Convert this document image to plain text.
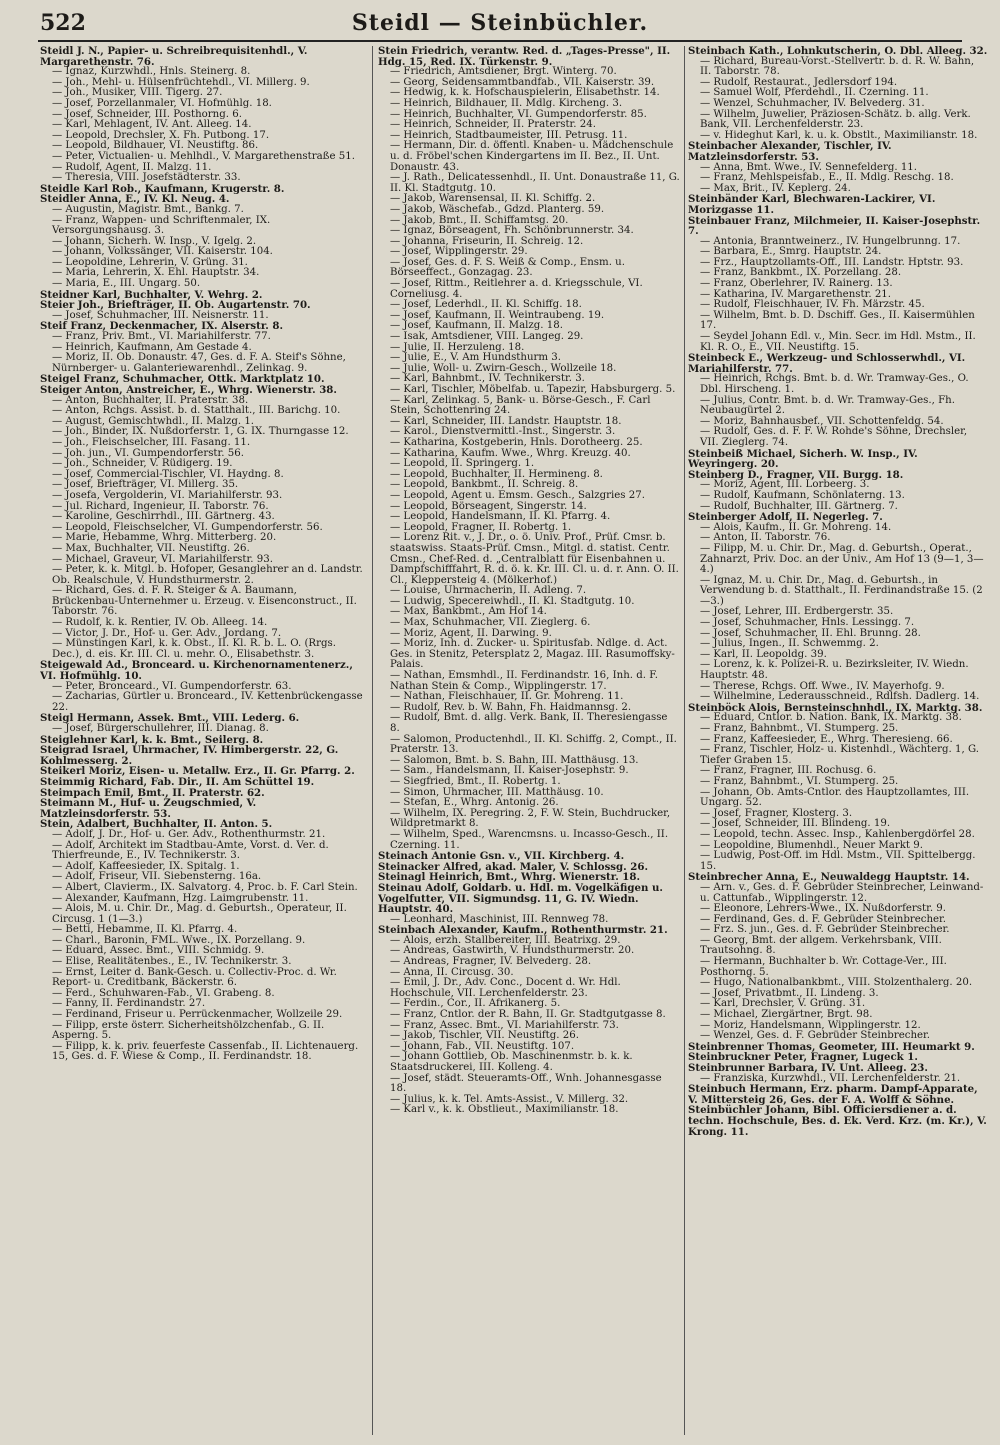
522	Steidl — Steinbüchler.

Steidl J. N., Papier- u. Schreibrequisitenhdl., V. Margarethenstr. 76.

— Ignaz, Kurzwhdl., Hnls. Steinerg. 8.

— Joh., Mehl- u. Hülsenfrüchtehdl., VI. Millerg. 9.

— Joh., Musiker, VIII. Tigerg. 27.

— Josef, Porzellanmaler, VI. Hofmühlg. 18.

— Josef, Schneider, III. Posthorng. 6.

— Karl, Mehlagent, IV. Ant. Alleeg. 14.

— Leopold, Drechsler, X. Fh. Putbong. 17.

— Leopold, Bildhauer, VI. Neustiftg. 86.

— Peter, Victualien- u. Mehlhdl., V. Margarethenstraße 51.

— Rudolf, Agent, II. Malzg. 11.

— Theresia, VIII. Josefstädterstr. 33.

Steidle Karl Rob., Kaufmann, Krugerstr. 8.

Steidler Anna, E., IV. Kl. Neug. 4.

— Augustin, Magistr. Bmt., Bankg. 7.

— Franz, Wappen- und Schriftenmaler, IX. Versorgungshausg. 3.

— Johann, Sicherh. W. Insp., V. Igelg. 2.

— Johann, Volkssänger, VII. Kaiserstr. 104.

— Leopoldine, Lehrerin, V. Grüng. 31.

— Maria, Lehrerin, X. Ehl. Hauptstr. 34.

— Maria, E., III. Ungarg. 50.

Steidner Karl, Buchhalter, V. Wehrg. 2.

Steier Joh., Briefträger, II. Ob. Augartenstr. 70.

— Josef, Schuhmacher, III. Neisnerstr. 11.

Steif Franz, Deckenmacher, IX. Alserstr. 8.

— Franz, Priv. Bmt., VI. Mariahilferstr. 77.

— Heinrich, Kaufmann, Am Gestade 4.

— Moriz, II. Ob. Donaustr. 47, Ges. d. F. A. Steif's Söhne, Nürnberger- u. Galanteriewarenhdl., Zelinkag. 9.

Steigel Franz, Schuhmacher, Ottk. Marktplatz 10.

Steiger Anton, Anstreicher, E., Whrg. Wienerstr. 38.

— Anton, Buchhalter, II. Praterstr. 38.

— Anton, Rchgs. Assist. b. d. Statthalt., III. Barichg. 10.

— August, Gemischtwhdl., II. Malzg. 1.

— Joh., Binder, IX. Nußdorferstr. 1, G. IX. Thurngasse 12.

— Joh., Fleischselcher, III. Fasang. 11.

— Joh. jun., VI. Gumpendorferstr. 56.

— Joh., Schneider, V. Rüdigerg. 19.

— Josef, Commercial-Tischler, VI. Haydng. 8.

— Josef, Briefträger, VI. Millerg. 35.

— Josefa, Vergolderin, VI. Mariahilferstr. 93.

— Jul. Richard, Ingenieur, II. Taborstr. 76.

— Karoline, Geschirrhdl., III. Gärtnerg. 43.

— Leopold, Fleischselcher, VI. Gumpendorferstr. 56.

— Marie, Hebamme, Whrg. Mitterberg. 20.

— Max, Buchhalter, VII. Neustiftg. 26.

— Michael, Graveur, VI. Mariahilferstr. 93.

— Peter, k. k. Mitgl. b. Hofoper, Gesanglehrer an d. Landstr. Ob. Realschule, V. Hundsthurmerstr. 2.

— Richard, Ges. d. F. R. Steiger & A. Baumann, Brückenbau-Unternehmer u. Erzeug. v. Eisenconstruct., II. Taborstr. 76.

— Rudolf, k. k. Rentier, IV. Ob. Alleeg. 14.

— Victor, J. Dr., Hof- u. Ger. Adv., Jordang. 7.

— Münstingen Karl, k. k. Obst., II. Kl. R. b. L. O. (Rrgs. Dec.), d. eis. Kr. III. Cl. u. mehr. O., Elisabethstr. 3.

Steigewald Ad., Bronceard. u. Kirchenornamentenerz., VI. Hofmühlg. 10.

— Peter, Bronceard., VI. Gumpendorferstr. 63.

— Zacharias, Gürtler u. Bronceard., IV. Kettenbrückengasse 22.

Steigl Hermann, Assek. Bmt., VIII. Lederg. 6.

— Josef, Bürgerschullehrer, III. Dianag. 8.

Steiglehner Karl, k. k. Bmt., Seilerg. 8.

Steigrad Israel, Uhrmacher, IV. Himbergerstr. 22, G. Kohlmesserg. 2.

Steikerl Moriz, Eisen- u. Metallw. Erz., II. Gr. Pfarrg. 2.

Steimmig Richard, Fab. Dir., II. Am Schüttel 19.

Steimpach Emil, Bmt., II. Praterstr. 62.

Steimann M., Huf- u. Zeugschmied, V. Matzleinsdorferstr. 53.

Stein, Adalbert, Buchhalter, II. Anton. 5.

— Adolf, J. Dr., Hof- u. Ger. Adv., Rothenthurmstr. 21.

— Adolf, Architekt im Stadtbau-Amte, Vorst. d. Ver. d. Thierfreunde, E., IV. Technikerstr. 3.

— Adolf, Kaffeesieder, IX. Spitalg. 1.

— Adolf, Friseur, VII. Siebensterng. 16a.

— Albert, Clavierm., IX. Salvatorg. 4, Proc. b. F. Carl Stein.

— Alexander, Kaufmann, Hzg. Laimgrubenstr. 11.

— Alois, M. u. Chir. Dr., Mag. d. Geburtsh., Operateur, II. Circusg. 1 (1—3.)

— Betti, Hebamme, II. Kl. Pfarrg. 4.

— Charl., Baronin, FML. Wwe., IX. Porzellang. 9.

— Eduard, Assec. Bmt., VIII. Schmidg. 9.

— Elise, Realitätenbes., E., IV. Technikerstr. 3.

— Ernst, Leiter d. Bank-Gesch. u. Collectiv-Proc. d. Wr. Report- u. Creditbank, Bäckerstr. 6.

— Ferd., Schuhwaren-Fab., VI. Grabeng. 8.

— Fanny, II. Ferdinandstr. 27.

— Ferdinand, Friseur u. Perrückenmacher, Wollzeile 29.

— Filipp, erste österr. Sicherheitshölzchenfab., G. II. Asperng. 5.

— Filipp, k. k. priv. feuerfeste Cassenfab., II. Lichtenauerg. 15, Ges. d. F. Wiese & Comp., II. Ferdinandstr. 18.

Stein Friedrich, verantw. Red. d. „Tages-Presse", II. Hdg. 15, Red. IX. Türkenstr. 9.

— Friedrich, Amtsdiener, Brgt. Winterg. 70.

— Georg, Seidensammtbandfab., VII. Kaiserstr. 39.

— Hedwig, k. k. Hofschauspielerin, Elisabethstr. 14.

— Heinrich, Bildhauer, II. Mdlg. Kircheng. 3.

— Heinrich, Buchhalter, VI. Gumpendorferstr. 85.

— Heinrich, Schneider, II. Praterstr. 24.

— Heinrich, Stadtbaumeister, III. Petrusg. 11.

— Hermann, Dir. d. öffentl. Knaben- u. Mädchenschule u. d. Fröbel'schen Kindergartens im II. Bez., II. Unt. Donaustr. 43.

— J. Rath., Delicatessenhdl., II. Unt. Donaustraße 11, G. II. Kl. Stadtgutg. 10.

— Jakob, Warensensal, II. Kl. Schiffg. 2.

— Jakob, Wäschefab., Gdzd. Planterg. 59.

— Jakob, Bmt., II. Schiffamtsg. 20.

— Ignaz, Börseagent, Fh. Schönbrunnerstr. 34.

— Johanna, Friseurin, II. Schreig. 12.

— Josef, Wipplingerstr. 29.

— Josef, Ges. d. F. S. Weiß & Comp., Ensm. u. Börseeffect., Gonzagag. 23.

— Josef, Rittm., Reitlehrer a. d. Kriegsschule, VI. Corneliusg. 4.

— Josef, Lederhdl., II. Kl. Schiffg. 18.

— Josef, Kaufmann, II. Weintraubeng. 19.

— Josef, Kaufmann, II. Malzg. 18.

— Isak, Amtsdiener, VIII. Langeg. 29.

— Julie, II. Herzuleng. 18.

— Julie, E., V. Am Hundsthurm 3.

— Julie, Woll- u. Zwirn-Gesch., Wollzeile 18.

— Karl, Bahnbmt., IV. Technikerstr. 3.

— Karl, Tischler, Möbelfab. u. Tapezir, Habsburgerg. 5.

— Karl, Zelinkag. 5, Bank- u. Börse-Gesch., F. Carl Stein, Schottenring 24.

— Karl, Schneider, III. Landstr. Hauptstr. 18.

— Karol., Dienstvermittl.-Inst., Singerstr. 3.

— Katharina, Kostgeberin, Hnls. Dorotheerg. 25.

— Katharina, Kaufm. Wwe., Whrg. Kreuzg. 40.

— Leopold, II. Springerg. 1.

— Leopold, Buchhalter, II. Hermineng. 8.

— Leopold, Bankbmt., II. Schreig. 8.

— Leopold, Agent u. Emsm. Gesch., Salzgries 27.

— Leopold, Börseagent, Singerstr. 14.

— Leopold, Handelsmann, II. Kl. Pfarrg. 4.

— Leopold, Fragner, II. Robertg. 1.

— Lorenz Rit. v., J. Dr., o. ö. Univ. Prof., Prüf. Cmsr. b. staatswiss. Staats-Prüf. Cmsn., Mitgl. d. statist. Centr. Cmsn., Chef-Red. d. „Centralblatt für Eisenbahnen u. Dampfschifffahrt, R. d. ö. k. Kr. III. Cl. u. d. r. Ann. O. II. Cl., Kleppersteig 4. (Mölkerhof.)

— Louise, Uhrmacherin, II. Adleng. 7.

— Ludwig, Specereiwhdl., II. Kl. Stadtgutg. 10.

— Max, Bankbmt., Am Hof 14.

— Max, Schuhmacher, VII. Zieglerg. 6.

— Moriz, Agent, II. Darwing. 9.

— Moriz, Inh. d. Zucker- u. Spiritusfab. Ndlge. d. Act. Ges. in Stenitz, Petersplatz 2, Magaz. III. Rasumoffsky-Palais.

— Nathan, Emsmhdl., II. Ferdinandstr. 16, Inh. d. F. Nathan Stein & Comp., Wipplingerstr. 17.

— Nathan, Fleischhauer, II. Gr. Mohreng. 11.

— Rudolf, Rev. b. W. Bahn, Fh. Haidmannsg. 2.

— Rudolf, Bmt. d. allg. Verk. Bank, II. Theresiengasse 8.

— Salomon, Productenhdl., II. Kl. Schiffg. 2, Compt., II. Praterstr. 13.

— Salomon, Bmt. b. S. Bahn, III. Matthäusg. 13.

— Sam., Handelsmann, II. Kaiser-Josephstr. 9.

— Siegfried, Bmt., II. Robertg. 1.

— Simon, Uhrmacher, III. Matthäusg. 10.

— Stefan, E., Whrg. Antonig. 26.

— Wilhelm, IX. Peregring. 2, F. W. Stein, Buchdrucker, Wildpretmarkt 8.

— Wilhelm, Sped., Warencmsns. u. Incasso-Gesch., II. Czerning. 11.

Steinach Antonie Gsn. v., VII. Kirchberg. 4.

Steinacker Alfred, akad. Maler, V. Schlossg. 26.

Steinagl Heinrich, Bmt., Whrg. Wienerstr. 18.

Steinau Adolf, Goldarb. u. Hdl. m. Vogelkäfigen u. Vogelfutter, VII. Sigmundsg. 11, G. IV. Wiedn. Hauptstr. 40.

— Leonhard, Maschinist, III. Rennweg 78.

Steinbach Alexander, Kaufm., Rothenthurmstr. 21.

— Alois, erzh. Stallbereiter, III. Beatrixg. 29.

— Andreas, Gastwirth, V. Hundsthurmerstr. 20.

— Andreas, Fragner, IV. Belvederg. 28.

— Anna, II. Circusg. 30.

— Emil, J. Dr., Adv. Conc., Docent d. Wr. Hdl. Hochschule, VII. Lerchenfelderstr. 23.

— Ferdin., Cor., II. Afrikanerg. 5.

— Franz, Cntlor. der R. Bahn, II. Gr. Stadtgutgasse 8.

— Franz, Assec. Bmt., VI. Mariahilferstr. 73.

— Jakob, Tischler, VII. Neustiftg. 26.

— Johann, Fab., VII. Neustiftg. 107.

— Johann Gottlieb, Ob. Maschinenmstr. b. k. k. Staatsdruckerei, III. Kolleng. 4.

— Josef, städt. Steueramts-Off., Wnh. Johannesgasse 18.

— Julius, k. k. Tel. Amts-Assist., V. Millerg. 32.

— Karl v., k. k. Obstlieut., Maximilianstr. 18.

Steinbach Kath., Lohnkutscherin, O. Dbl. Alleeg. 32.

— Richard, Bureau-Vorst.-Stellvertr. b. d. R. W. Bahn, II. Taborstr. 78.

— Rudolf, Restaurat., Jedlersdorf 194.

— Samuel Wolf, Pferdehdl., II. Czerning. 11.

— Wenzel, Schuhmacher, IV. Belvederg. 31.

— Wilhelm, Juwelier, Präziosen-Schätz. b. allg. Verk. Bank, VII. Lerchenfelderstr. 23.

— v. Hideghut Karl, k. u. k. Obstlt., Maximilianstr. 18.

Steinbacher Alexander, Tischler, IV. Matzleinsdorferstr. 53.

— Anna, Bmt. Wwe., IV. Sennefelderg. 11.

— Franz, Mehlspeisfab., E., II. Mdlg. Reschg. 18.

— Max, Brit., IV. Keplerg. 24.

Steinbänder Karl, Blechwaren-Lackirer, VI. Morizgasse 11.

Steinbauer Franz, Milchmeier, II. Kaiser-Josephstr. 7.

— Antonia, Branntweinerz., IV. Hungelbrunng. 17.

— Barbara, E., Smrg. Hauptstr. 24.

— Frz., Hauptzollamts-Off., III. Landstr. Hptstr. 93.

— Franz, Bankbmt., IX. Porzellang. 28.

— Franz, Oberlehrer, IV. Rainerg. 13.

— Katharina, IV. Margarethenstr. 21.

— Rudolf, Fleischhauer, IV. Fh. Märzstr. 45.

— Wilhelm, Bmt. b. D. Dschiff. Ges., II. Kaisermühlen 17.

— Seydel Johann Edl. v., Min. Secr. im Hdl. Mstm., II. Kl. R. O., E., VII. Neustiftg. 15.

Steinbeck E., Werkzeug- und Schlosserwhdl., VI. Mariahilferstr. 77.

— Heinrich, Rchgs. Bmt. b. d. Wr. Tramway-Ges., O. Dbl. Hirscheng. 1.

— Julius, Contr. Bmt. b. d. Wr. Tramway-Ges., Fh. Neubaugürtel 2.

— Moriz, Bahnhausbef., VII. Schottenfeldg. 54.

— Rudolf, Ges. d. F. F. W. Rohde's Söhne, Drechsler, VII. Zieglerg. 74.

Steinbeiß Michael, Sicherh. W. Insp., IV. Weyringerg. 20.

Steinberg D., Fragner, VII. Burgg. 18.

— Moriz, Agent, III. Lorbeerg. 3.

— Rudolf, Kaufmann, Schönlaterng. 13.

— Rudolf, Buchhalter, III. Gärtnerg. 7.

Steinberger Adolf, II. Negerleg. 7.

— Alois, Kaufm., II. Gr. Mohreng. 14.

— Anton, II. Taborstr. 76.

— Filipp, M. u. Chir. Dr., Mag. d. Geburtsh., Operat., Zahnarzt, Priv. Doc. an der Univ., Am Hof 13 (9—1, 3—4.)

— Ignaz, M. u. Chir. Dr., Mag. d. Geburtsh., in Verwendung b. d. Statthalt., II. Ferdinandstraße 15. (2—3.)

— Josef, Lehrer, III. Erdbergerstr. 35.

— Josef, Schuhmacher, Hnls. Lessingg. 7.

— Josef, Schuhmacher, II. Ehl. Brunng. 28.

— Julius, Ingen., II. Schwemmg. 2.

— Karl, II. Leopoldg. 39.

— Lorenz, k. k. Polizei-R. u. Bezirksleiter, IV. Wiedn. Hauptstr. 48.

— Therese, Rchgs. Off. Wwe., IV. Mayerhofg. 9.

— Wilhelmine, Lederausschneid., Rdlfsh. Dadlerg. 14.

Steinböck Alois, Bernsteinschnhdl., IX. Marktg. 38.

— Eduard, Cntlor. b. Nation. Bank, IX. Marktg. 38.

— Franz, Bahnbmt., VI. Stumperg. 25.

— Franz, Kaffeesieder, E., Whrg. Theresieng. 66.

— Franz, Tischler, Holz- u. Kistenhdl., Wächterg. 1, G. Tiefer Graben 15.

— Franz, Fragner, III. Rochusg. 6.

— Franz, Bahnbmt., VI. Stumperg. 25.

— Johann, Ob. Amts-Cntlor. des Hauptzollamtes, III. Ungarg. 52.

— Josef, Fragner, Klosterg. 3.

— Josef, Schneider, III. Blindeng. 19.

— Leopold, techn. Assec. Insp., Kahlenbergdörfel 28.

— Leopoldine, Blumenhdl., Neuer Markt 9.

— Ludwig, Post-Off. im Hdl. Mstm., VII. Spittelbergg. 15.

Steinbrecher Anna, E., Neuwaldegg Hauptstr. 14.

— Arn. v., Ges. d. F. Gebrüder Steinbrecher, Leinwand- u. Cattunfab., Wipplingerstr. 12.

— Eleonore, Lehrers-Wwe., IX. Nußdorferstr. 9.

— Ferdinand, Ges. d. F. Gebrüder Steinbrecher.

— Frz. S. jun., Ges. d. F. Gebrüder Steinbrecher.

— Georg, Bmt. der allgem. Verkehrsbank, VIII. Trautsohng. 8.

— Hermann, Buchhalter b. Wr. Cottage-Ver., III. Posthorng. 5.

— Hugo, Nationalbankbmt., VIII. Stolzenthalerg. 20.

— Josef, Privatbmt., II. Lindeng. 3.

— Karl, Drechsler, V. Grüng. 31.

— Michael, Ziergärtner, Brgt. 98.

— Moriz, Handelsmann, Wipplingerstr. 12.

— Wenzel, Ges. d. F. Gebrüder Steinbrecher.

Steinbrenner Thomas, Geometer, III. Heumarkt 9.

Steinbruckner Peter, Fragner, Lugeck 1.

Steinbrunner Barbara, IV. Unt. Alleeg. 23.

— Franziska, Kurzwhdl., VII. Lerchenfelderstr. 21.

Steinbuch Hermann, Erz. pharm. Dampf-Apparate, V. Mittersteig 26, Ges. der F. A. Wolff & Söhne.

Steinbüchler Johann, Bibl. Officiersdiener a. d. techn. Hochschule, Bes. d. Ek. Verd. Krz. (m. Kr.), V. Krong. 11.
